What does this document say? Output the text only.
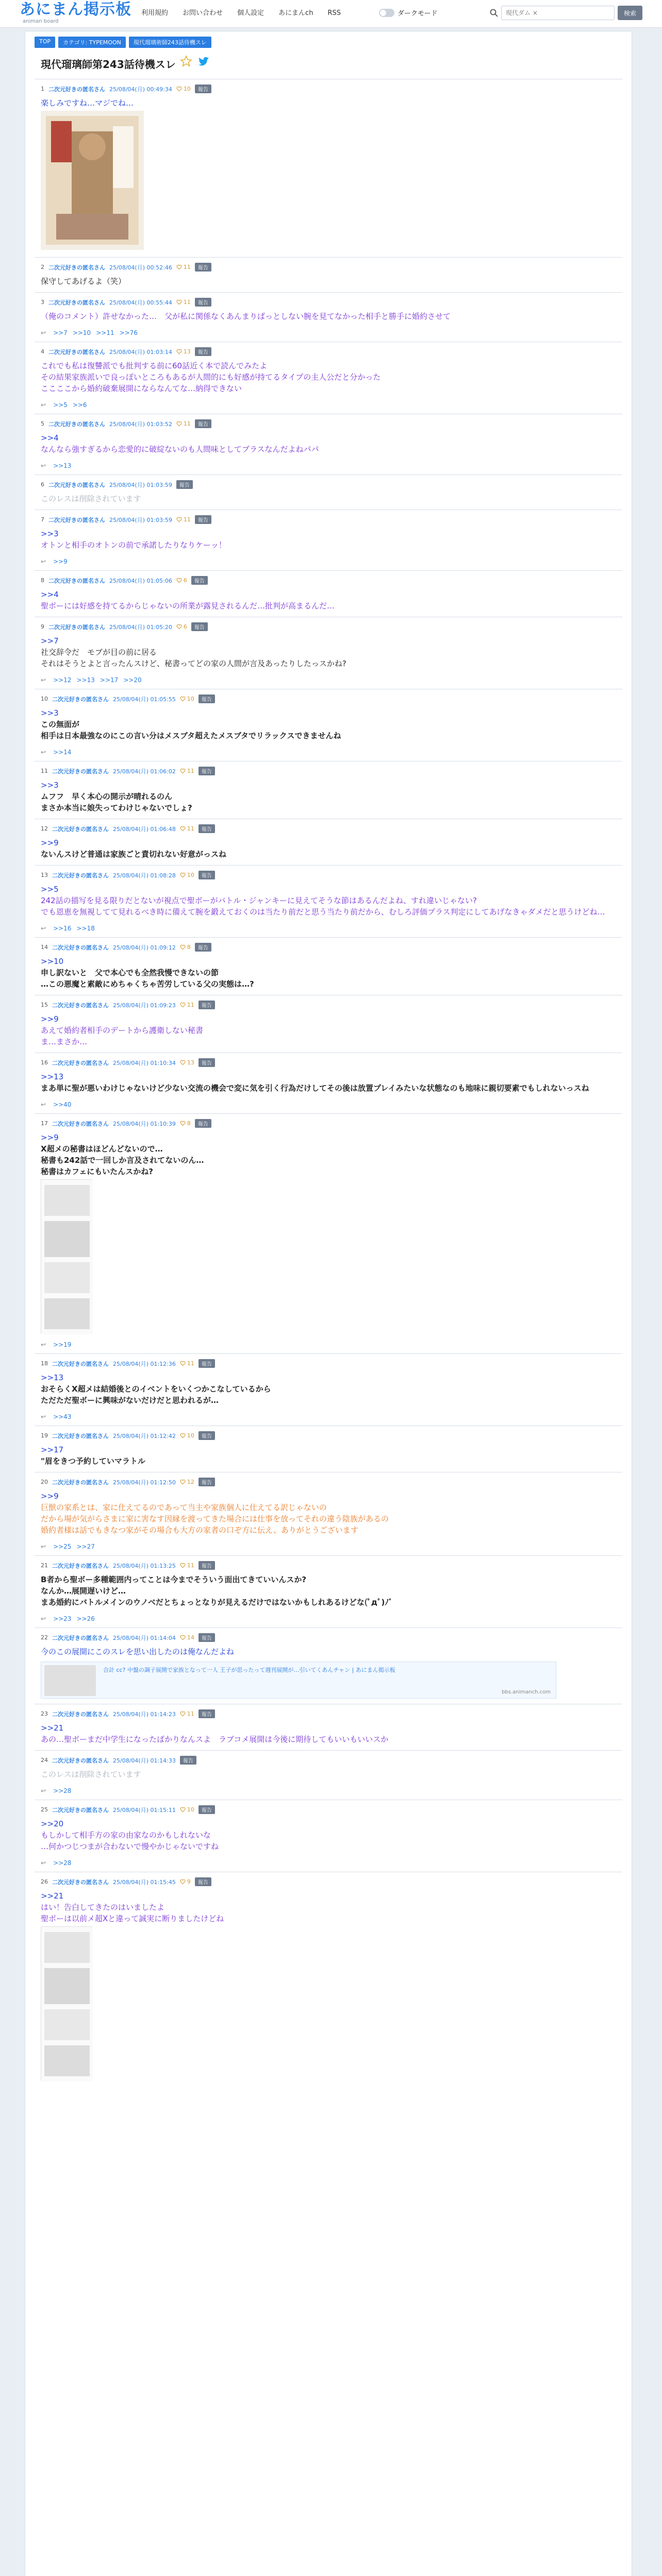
あにまん掲示板
animan board
利用規約	お問い合わせ	個人設定	あにまんch	RSS	ダークモード
現代ダム ×	検索
TOP	カテゴリ: TYPEMOON	現代瑠璃術師243話待機スレ
現代瑠璃師第243話待機スレ
1 二次元好きの匿名さん 25/08/04(月) 00:49:34 10	報告
楽しみですね…マジでね…
2 二次元好きの匿名さん 25/08/04(月) 00:52:46 11	報告
保守してあげるよ（笑）
3 二次元好きの匿名さん 25/08/04(月) 00:55:44 11	報告
（俺のコメント）許せなかった…　父が私に関係なくあんまりぱっとしない腕を見てなかった相手と勝手に婚約させて
↩ >>7 >>10 >>11 >>76
4 二次元好きの匿名さん 25/08/04(月) 01:03:14 13	報告
これでも私は復讐派でも批判する前に60話近く本で読んでみたよ
その結果家族派いで良っぽいところもあるが人間的にも好感が持てるタイプの主人公だと分かった
ここここから婚約破棄展開にならなんてな…納得できない
↩ >>5 >>6
5 二次元好きの匿名さん 25/08/04(月) 01:03:52 11	報告
>>4
なんなら強すぎるから恋愛的に破綻ないのも人間味としてプラスなんだよねパパ
↩ >>13
6 二次元好きの匿名さん 25/08/04(月) 01:03:59	報告
このレスは削除されています
7 二次元好きの匿名さん 25/08/04(月) 01:03:59 11	報告
>>3
オトンと相手のオトンの前で承諾したりなりケーッ！
↩ >>9
8 二次元好きの匿名さん 25/08/04(月) 01:05:06 6	報告
>>4
聖ボーには好感を持てるからじゃないの所業が露見されるんだ…批判が高まるんだ…
9 二次元好きの匿名さん 25/08/04(月) 01:05:20 6	報告
>>7
社交辞令だ　モブが目の前に居る
それはそうとよと言ったんスけど、秘書ってどの家の人間が言及あったりしたっスかね?
↩ >>12 >>13 >>17 >>20
10 二次元好きの匿名さん 25/08/04(月) 01:05:55 10	報告
>>3
この無面が
相手は日本最強なのにこの言い分はメスブタ超えたメスブタでリラックスできませんね
↩ >>14
11 二次元好きの匿名さん 25/08/04(月) 01:06:02 11	報告
>>3
ムフフ　早く本心の開示が晴れるのん
まさか本当に娘失ってわけじゃないでしょ?
12 二次元好きの匿名さん 25/08/04(月) 01:06:48 11	報告
>>9
ないんスけど普通は家族ごと責切れない好意がっスね
13 二次元好きの匿名さん 25/08/04(月) 01:08:28 10	報告
>>5
242話の描写を見る限りだとないが視点で聖ボーがバトル・ジャンキーに見えてそうな節はあるんだよね、すれ違いじゃない?
でも恩恵を無視してて見れるべき時に備えて腕を鍛えておくのは当たり前だと思う当たり前だから、むしろ評価プラス判定にしてあげなきゃダメだと思うけどね…
↩ >>16 >>18
14 二次元好きの匿名さん 25/08/04(月) 01:09:12 8	報告
>>10
申し訳ないと　父で本心でも全然我慢できないの節
…この悪魔と素敵にめちゃくちゃ苦労している父の実態は…?
15 二次元好きの匿名さん 25/08/04(月) 01:09:23 11	報告
>>9
あえて婚約者相手のデートから護衛しない秘書
ま…まさか…
16 二次元好きの匿名さん 25/08/04(月) 01:10:34 13	報告
>>13
まあ単に聖が悪いわけじゃないけど少ない交流の機会で変に気を引く行為だけしてその後は放置プレイみたいな状態なのも地味に親切要素でもしれないっスね
↩ >>40
17 二次元好きの匿名さん 25/08/04(月) 01:10:39 8	報告
>>9
X超メの秘書はほどんどないので…
秘書も242話で一回しか言及されてないのん…
秘書はカフェにもいたんスかね?
↩ >>19
18 二次元好きの匿名さん 25/08/04(月) 01:12:36 11	報告
>>13
おそらくX超メは結婚後とのイベントをいくつかこなしているから
ただただ聖ボーに興味がないだけだと思われるが…
↩ >>43
19 二次元好きの匿名さん 25/08/04(月) 01:12:42 10	報告
>>17
"眉をきつ予約していマラトル
20 二次元好きの匿名さん 25/08/04(月) 01:12:50 12	報告
>>9
巨獣の家系とは、家に仕えてるのであって当主や家族個人に仕えてる訳じゃないの
だから場が気がらさまに家に害なす因縁を渡ってきた場合には仕事を放ってそれの違う陰族があるの
婚約者様は話でもきなつ家がその場合も大方の家者の口ぞ方に伝え、ありがとうございます
↩ >>25 >>27
21 二次元好きの匿名さん 25/08/04(月) 01:13:25 11	報告
B者から聖ボー多種範囲内ってことは今までそういう面出てきていいんスか?
なんか…展開遅いけど…
まあ婚約にバトルメインのウノベだとちょっとなりが見えるだけではないかもしれあるけどな(ﾟдﾟ)ﾉﾞ
↩ >>23 >>26
22 二次元好きの匿名さん 25/08/04(月) 01:14:04 14	報告
今のこの展開にこのスレを思い出したのは俺なんだよね
合計 cc? 中盤の調子展開で家族となって一人 王子が思ったって週刊展開が…引いてくあんチャン | あにまん掲示板
bbs.animanch.com
23 二次元好きの匿名さん 25/08/04(月) 01:14:23 11	報告
>>21
あの…聖ボーまだ中学生になったばかりなんスよ　ラブコメ展開は今後に期待してもいいもいいスか
24 二次元好きの匿名さん 25/08/04(月) 01:14:33	報告
このレスは削除されています
↩ >>28
25 二次元好きの匿名さん 25/08/04(月) 01:15:11 10	報告
>>20
もしかして相手方の家の由家なのかもしれないな
…何かつじつまが合わないで慢やかじゃないですね
↩ >>28
26 二次元好きの匿名さん 25/08/04(月) 01:15:45 9	報告
>>21
はい！告白してきたのはいましたよ
聖ボーは以前メ超Xと違って誠実に断りましたけどね
